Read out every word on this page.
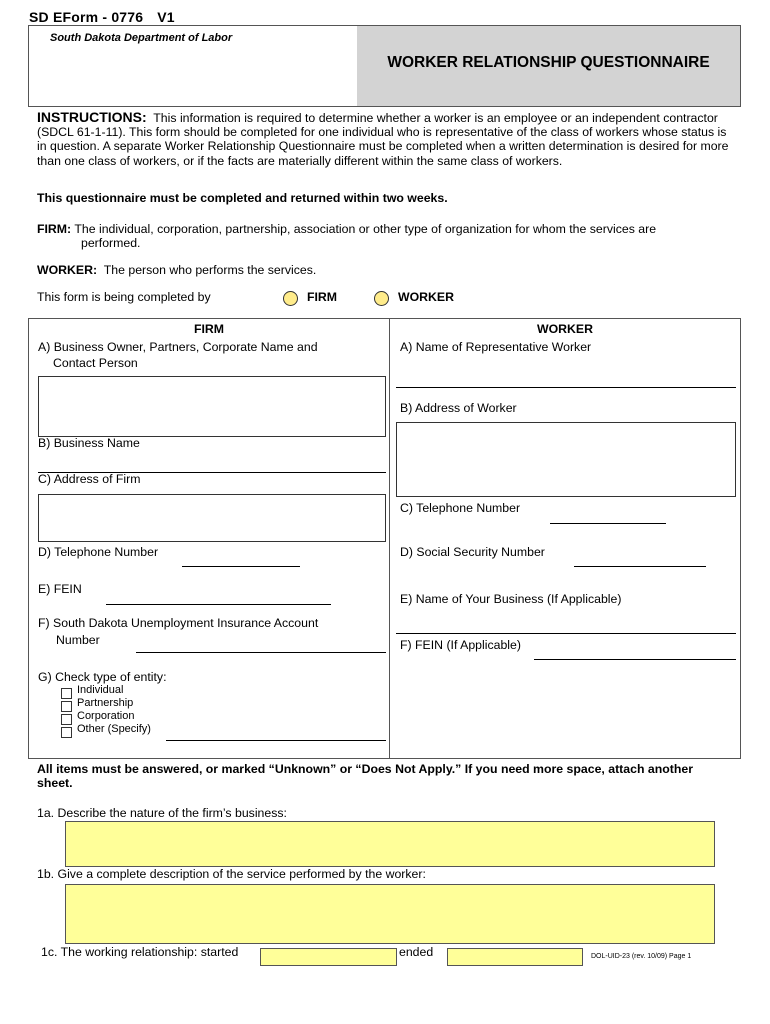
SD EForm - 0776 V1
South Dakota Department of Labor
WORKER RELATIONSHIP QUESTIONNAIRE
INSTRUCTIONS: This information is required to determine whether a worker is an employee or an independent contractor (SDCL 61-1-11). This form should be completed for one individual who is representative of the class of workers whose status is in question. A separate Worker Relationship Questionnaire must be completed when a written determination is desired for more than one class of workers, or if the facts are materially different within the same class of workers.
This questionnaire must be completed and returned within two weeks.
FIRM: The individual, corporation, partnership, association or other type of organization for whom the services are
performed.
WORKER: The person who performs the services.
This form is being completed by	FIRM	WORKER
FIRM
A) Business Owner, Partners, Corporate Name and
Contact Person
B) Business Name
C) Address of Firm
D) Telephone Number
E) FEIN
F) South Dakota Unemployment Insurance Account
Number
G) Check type of entity:
Individual
Partnership
Corporation
Other (Specify)
WORKER
A) Name of Representative Worker
B) Address of Worker
C) Telephone Number
D) Social Security Number
E) Name of Your Business (If Applicable)
F) FEIN (If Applicable)
All items must be answered, or marked “Unknown” or “Does Not Apply.” If you need more space, attach another sheet.
1a. Describe the nature of the firm’s business:
1b. Give a complete description of the service performed by the worker:
1c. The working relationship: started	ended	DOL-UID-23 (rev. 10/09) Page 1
